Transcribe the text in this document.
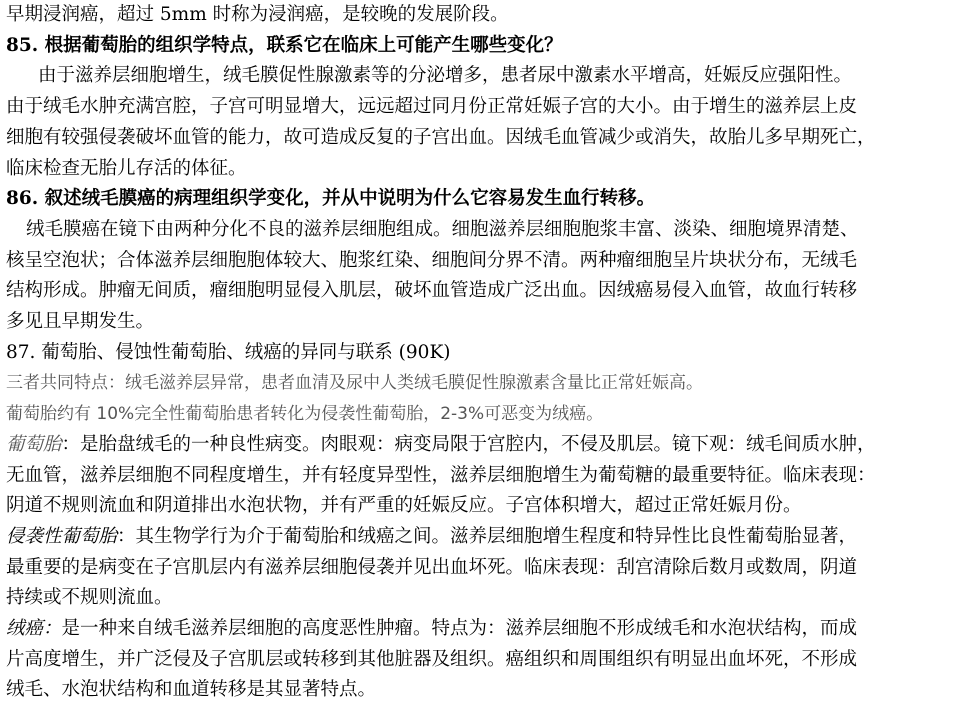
早期浸润癌，超过 5mm 时称为浸润癌，是较晚的发展阶段。
85. 根据葡萄胎的组织学特点，联系它在临床上可能产生哪些变化？
由于滋养层细胞增生，绒毛膜促性腺激素等的分泌增多，患者尿中激素水平增高，妊娠反应强阳性。
由于绒毛水肿充满宫腔，子宫可明显增大，远远超过同月份正常妊娠子宫的大小。由于增生的滋养层上皮
细胞有较强侵袭破坏血管的能力，故可造成反复的子宫出血。因绒毛血管减少或消失，故胎儿多早期死亡，
临床检查无胎儿存活的体征。
86. 叙述绒毛膜癌的病理组织学变化，并从中说明为什么它容易发生血行转移。
绒毛膜癌在镜下由两种分化不良的滋养层细胞组成。细胞滋养层细胞胞浆丰富、淡染、细胞境界清楚、
核呈空泡状；合体滋养层细胞胞体较大、胞浆红染、细胞间分界不清。两种瘤细胞呈片块状分布，无绒毛
结构形成。肿瘤无间质，瘤细胞明显侵入肌层，破坏血管造成广泛出血。因绒癌易侵入血管，故血行转移
多见且早期发生。
87. 葡萄胎、侵蚀性葡萄胎、绒癌的异同与联系 (90K)
三者共同特点：绒毛滋养层异常，患者血清及尿中人类绒毛膜促性腺激素含量比正常妊娠高。
葡萄胎约有 10%完全性葡萄胎患者转化为侵袭性葡萄胎，2-3%可恶变为绒癌。
葡萄胎：是胎盘绒毛的一种良性病变。肉眼观：病变局限于宫腔内，不侵及肌层。镜下观：绒毛间质水肿，
无血管，滋养层细胞不同程度增生，并有轻度异型性，滋养层细胞增生为葡萄糖的最重要特征。临床表现：
阴道不规则流血和阴道排出水泡状物，并有严重的妊娠反应。子宫体积增大，超过正常妊娠月份。
侵袭性葡萄胎：其生物学行为介于葡萄胎和绒癌之间。滋养层细胞增生程度和特异性比良性葡萄胎显著，
最重要的是病变在子宫肌层内有滋养层细胞侵袭并见出血坏死。临床表现：刮宫清除后数月或数周，阴道
持续或不规则流血。
绒癌：是一种来自绒毛滋养层细胞的高度恶性肿瘤。特点为：滋养层细胞不形成绒毛和水泡状结构，而成
片高度增生，并广泛侵及子宫肌层或转移到其他脏器及组织。癌组织和周围组织有明显出血坏死，不形成
绒毛、水泡状结构和血道转移是其显著特点。
